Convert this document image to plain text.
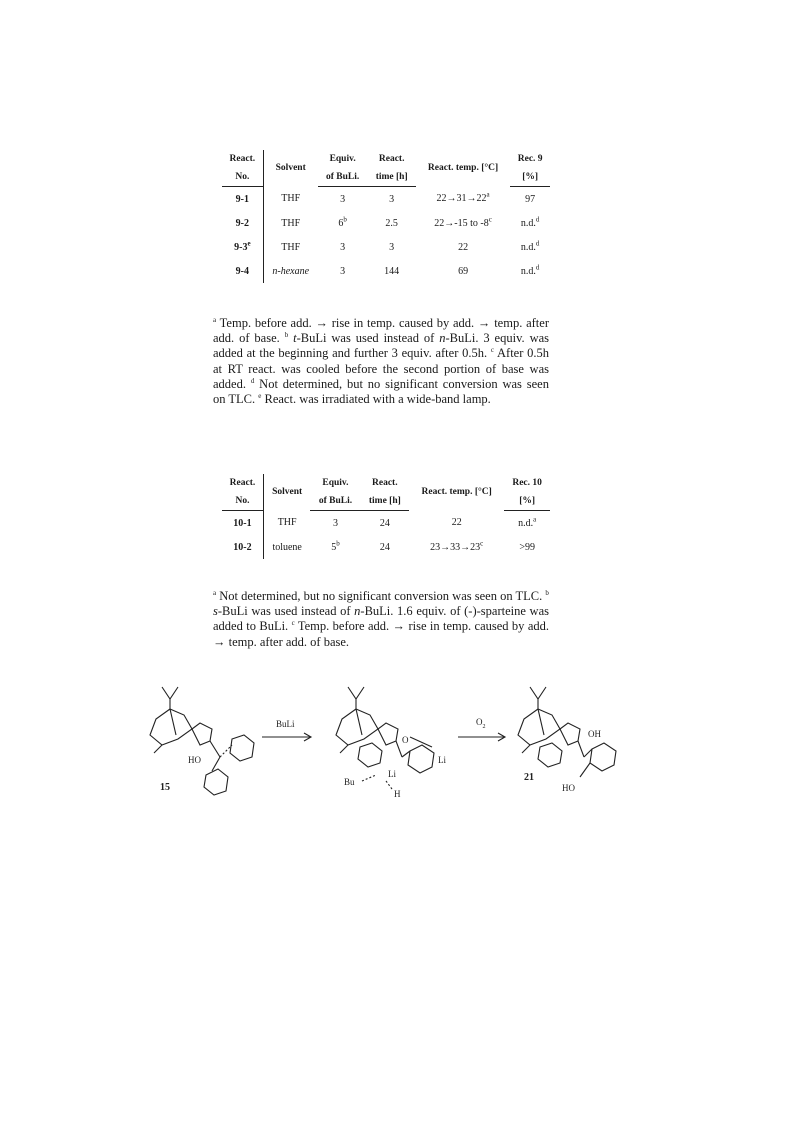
React.	Solvent	Equiv.	React.	React. temp. [°C]	Rec. 9
No.		of BuLi.	time [h]		[%]
9-1	THF	3	3	$22\to 31\to 22^a$	97
9-2	THF	6$^b$	2.5	22→-15 to -8$^c$	n.d.$^d$
9-3e	THF	3	3	22	n.d.$^d$
9-4	n-hexane	3	144	69	n.d.$^d$

$^a$ Temp. before add. → rise in temp. caused by add. → temp. after add. of base. $^b$ t-BuLi was used instead of n-BuLi. 3 equiv. was added at the beginning and further 3 equiv. after 0.5h. $^c$ After 0.5h at RT react. was cooled before the second portion of base was added. $^d$ Not determined, but no significant conversion was seen on TLC. $^e$ React. was irradiated with a wide-band lamp.

React.	Solvent	Equiv.	React.	React. temp. [°C]	Rec. 10
No.		of BuLi.	time [h]		[%]
10-1	THF	3	24	22	n.d.$^a$
10-2	toluene	5$^b$	24	$23\to 33\to 23^c$	>99

$^a$ Not determined, but no significant conversion was seen on TLC. $^b$
s-BuLi was used instead of n-BuLi. 1.6 equiv. of (-)-sparteine was added to BuLi. $^c$ Temp. before add. → rise in temp. caused by add. → temp. after add. of base.

HO
15
BuLi
O
Li
Li
Bu
H
$O_2$
OH
21
HO
